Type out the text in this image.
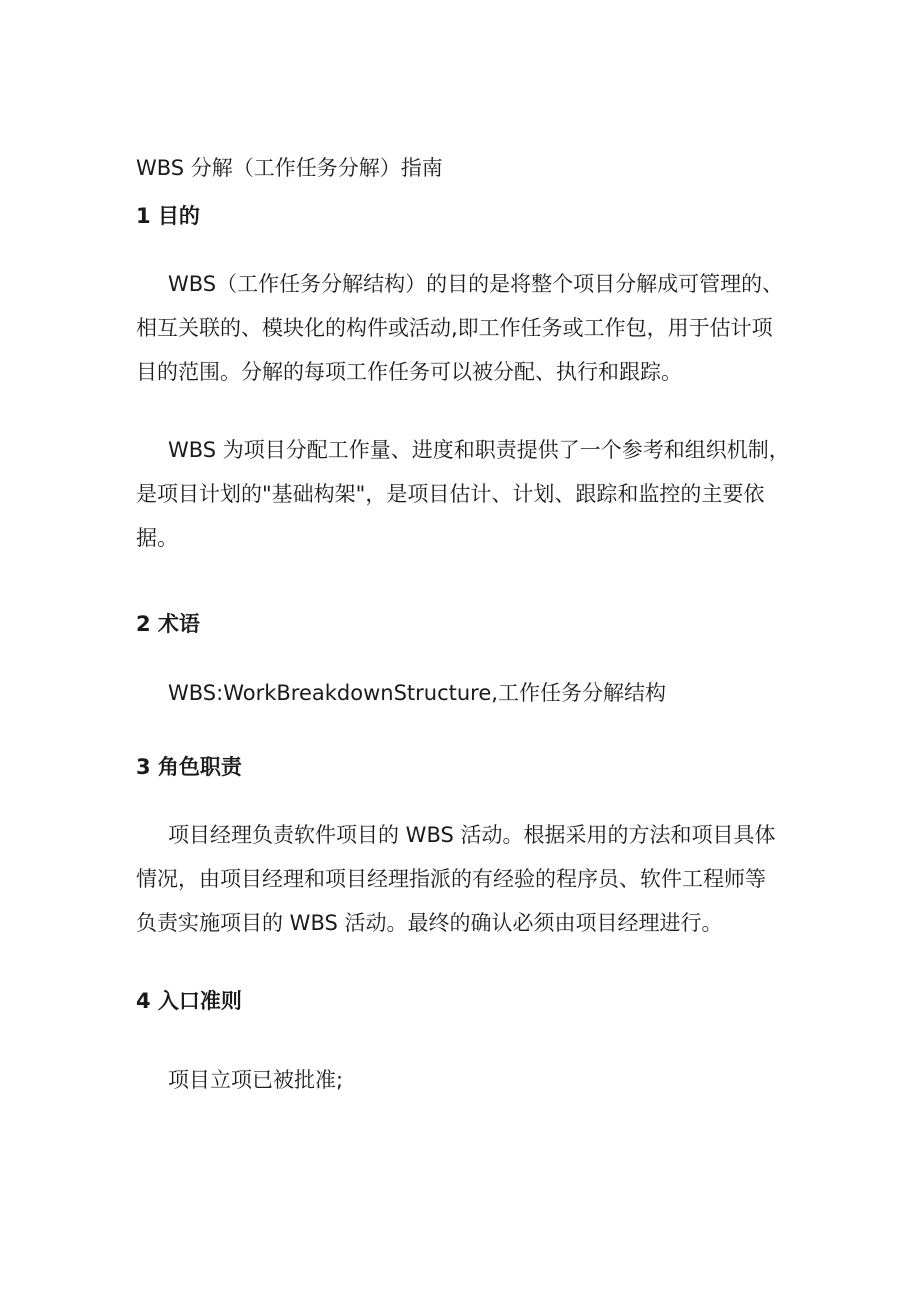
WBS 分解（工作任务分解）指南
1 目的
WBS（工作任务分解结构）的目的是将整个项目分解成可管理的、
相互关联的、模块化的构件或活动,即工作任务或工作包，用于估计项
目的范围。分解的每项工作任务可以被分配、执行和跟踪。
WBS 为项目分配工作量、进度和职责提供了一个参考和组织机制，
是项目计划的"基础构架"，是项目估计、计划、跟踪和监控的主要依
据。
2 术语
WBS:WorkBreakdownStructure,工作任务分解结构
3 角色职责
项目经理负责软件项目的 WBS 活动。根据采用的方法和项目具体
情况，由项目经理和项目经理指派的有经验的程序员、软件工程师等
负责实施项目的 WBS 活动。最终的确认必须由项目经理进行。
4 入口准则
项目立项已被批准;
